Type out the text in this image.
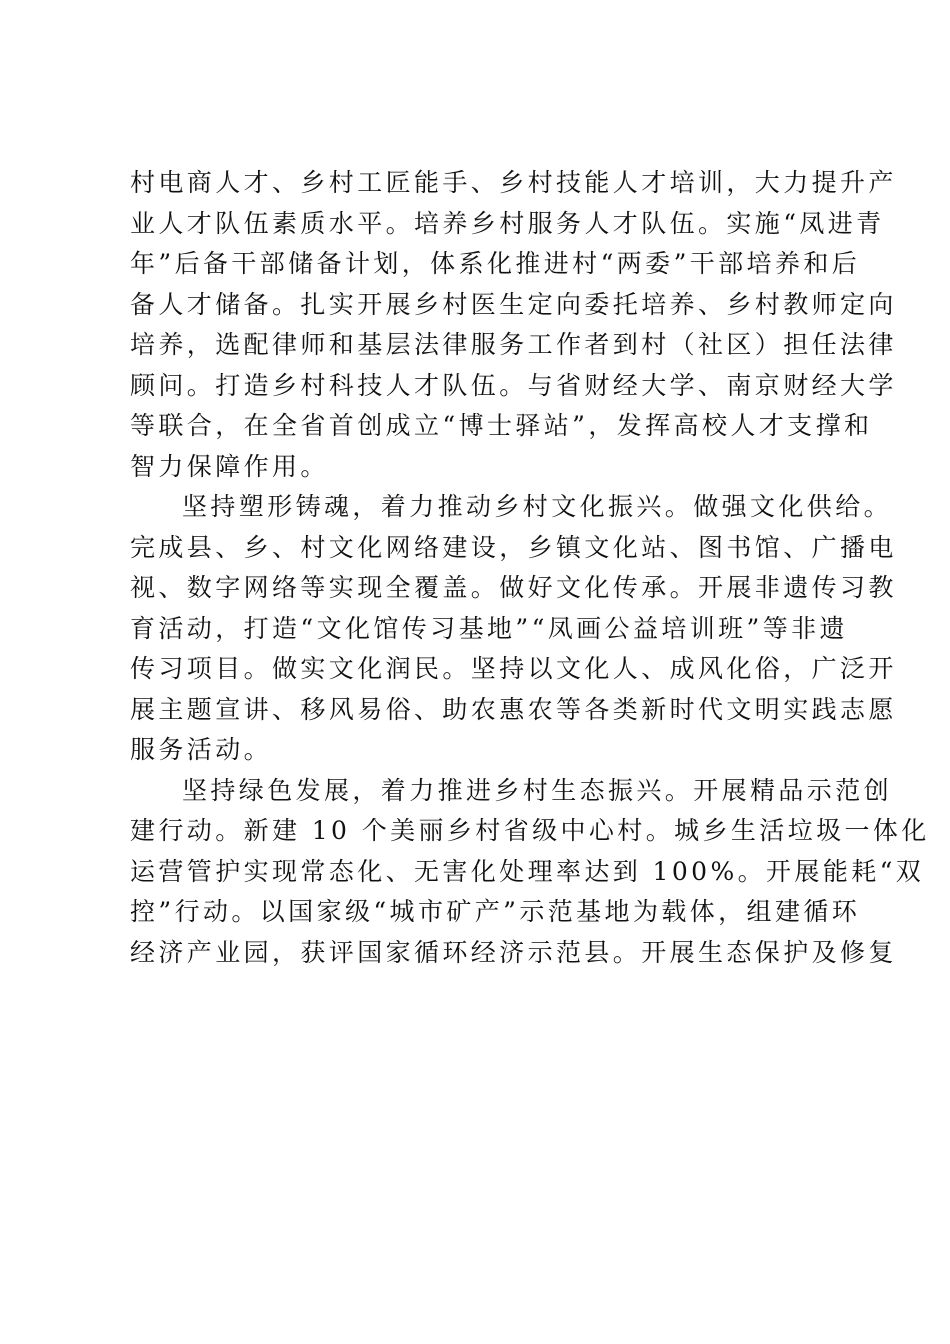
村电商人才、乡村工匠能手、乡村技能人才培训，大力提升产
业人才队伍素质水平。培养乡村服务人才队伍。实施“凤进青
年”后备干部储备计划，体系化推进村“两委”干部培养和后
备人才储备。扎实开展乡村医生定向委托培养、乡村教师定向
培养，选配律师和基层法律服务工作者到村（社区）担任法律
顾问。打造乡村科技人才队伍。与省财经大学、南京财经大学
等联合，在全省首创成立“博士驿站”，发挥高校人才支撑和
智力保障作用。
坚持塑形铸魂，着力推动乡村文化振兴。做强文化供给。
完成县、乡、村文化网络建设，乡镇文化站、图书馆、广播电
视、数字网络等实现全覆盖。做好文化传承。开展非遗传习教
育活动，打造“文化馆传习基地”“凤画公益培训班”等非遗
传习项目。做实文化润民。坚持以文化人、成风化俗，广泛开
展主题宣讲、移风易俗、助农惠农等各类新时代文明实践志愿
服务活动。
坚持绿色发展，着力推进乡村生态振兴。开展精品示范创
建行动。新建 10 个美丽乡村省级中心村。城乡生活垃圾一体化
运营管护实现常态化、无害化处理率达到 100%。开展能耗“双
控”行动。以国家级“城市矿产”示范基地为载体，组建循环
经济产业园，获评国家循环经济示范县。开展生态保护及修复
